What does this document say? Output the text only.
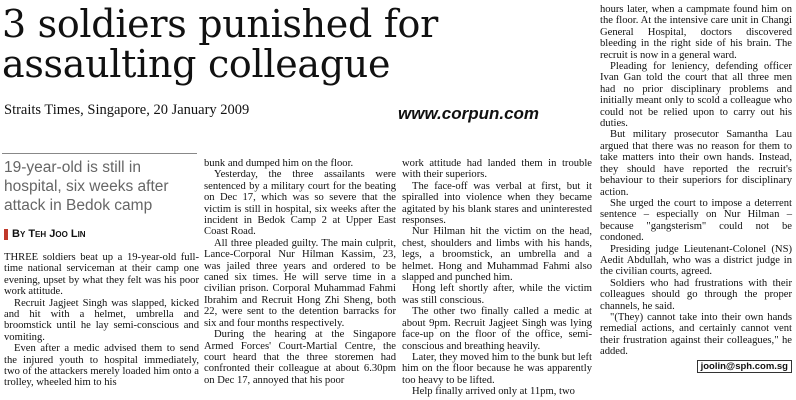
3 soldiers punished for assaulting colleague
Straits Times, Singapore, 20 January 2009	www.corpun.com
19-year-old is still in hospital, six weeks after attack in Bedok camp
By Teh Joo Lin

THREE soldiers beat up a 19-year-old full-time national serviceman at their camp one evening, upset by what they felt was his poor work attitude.

Recruit Jagjeet Singh was slapped, kicked and hit with a helmet, umbrella and broomstick until he lay semi-conscious and vomiting.

Even after a medic advised them to send the injured youth to hospital immediately, two of the attackers merely loaded him onto a trolley, wheeled him to his

bunk and dumped him on the floor.

Yesterday, the three assailants were sentenced by a military court for the beating on Dec 17, which was so severe that the victim is still in hospital, six weeks after the incident in Bedok Camp 2 at Upper East Coast Road.

All three pleaded guilty. The main culprit, Lance-Corporal Nur Hilman Kassim, 23, was jailed three years and ordered to be caned six times. He will serve time in a civilian prison. Corporal Muhammad Fahmi Ibrahim and Recruit Hong Zhi Sheng, both 22, were sent to the detention barracks for six and four months respectively.

During the hearing at the Singapore Armed Forces' Court-Martial Centre, the court heard that the three storemen had confronted their colleague at about 6.30pm on Dec 17, annoyed that his poor

work attitude had landed them in trouble with their superiors.

The face-off was verbal at first, but it spiralled into violence when they became agitated by his blank stares and uninterested responses.

Nur Hilman hit the victim on the head, chest, shoulders and limbs with his hands, legs, a broomstick, an umbrella and a helmet. Hong and Muhammad Fahmi also slapped and punched him.

Hong left shortly after, while the victim was still conscious.

The other two finally called a medic at about 9pm. Recruit Jagjeet Singh was lying face-up on the floor of the office, semi-conscious and breathing heavily.

Later, they moved him to the bunk but left him on the floor because he was apparently too heavy to be lifted.

Help finally arrived only at 11pm, two

hours later, when a campmate found him on the floor. At the intensive care unit in Changi General Hospital, doctors discovered bleeding in the right side of his brain. The recruit is now in a general ward.

Pleading for leniency, defending officer Ivan Gan told the court that all three men had no prior disciplinary problems and initially meant only to scold a colleague who could not be relied upon to carry out his duties.

But military prosecutor Samantha Lau argued that there was no reason for them to take matters into their own hands. Instead, they should have reported the recruit's behaviour to their superiors for disciplinary action.

She urged the court to impose a deterrent sentence – especially on Nur Hilman – because "gangsterism" could not be condoned.

Presiding judge Lieutenant-Colonel (NS) Aedit Abdullah, who was a district judge in the civilian courts, agreed.

Soldiers who had frustrations with their colleagues should go through the proper channels, he said.

"(They) cannot take into their own hands remedial actions, and certainly cannot vent their frustration against their colleagues," he added.

joolin@sph.com.sg
